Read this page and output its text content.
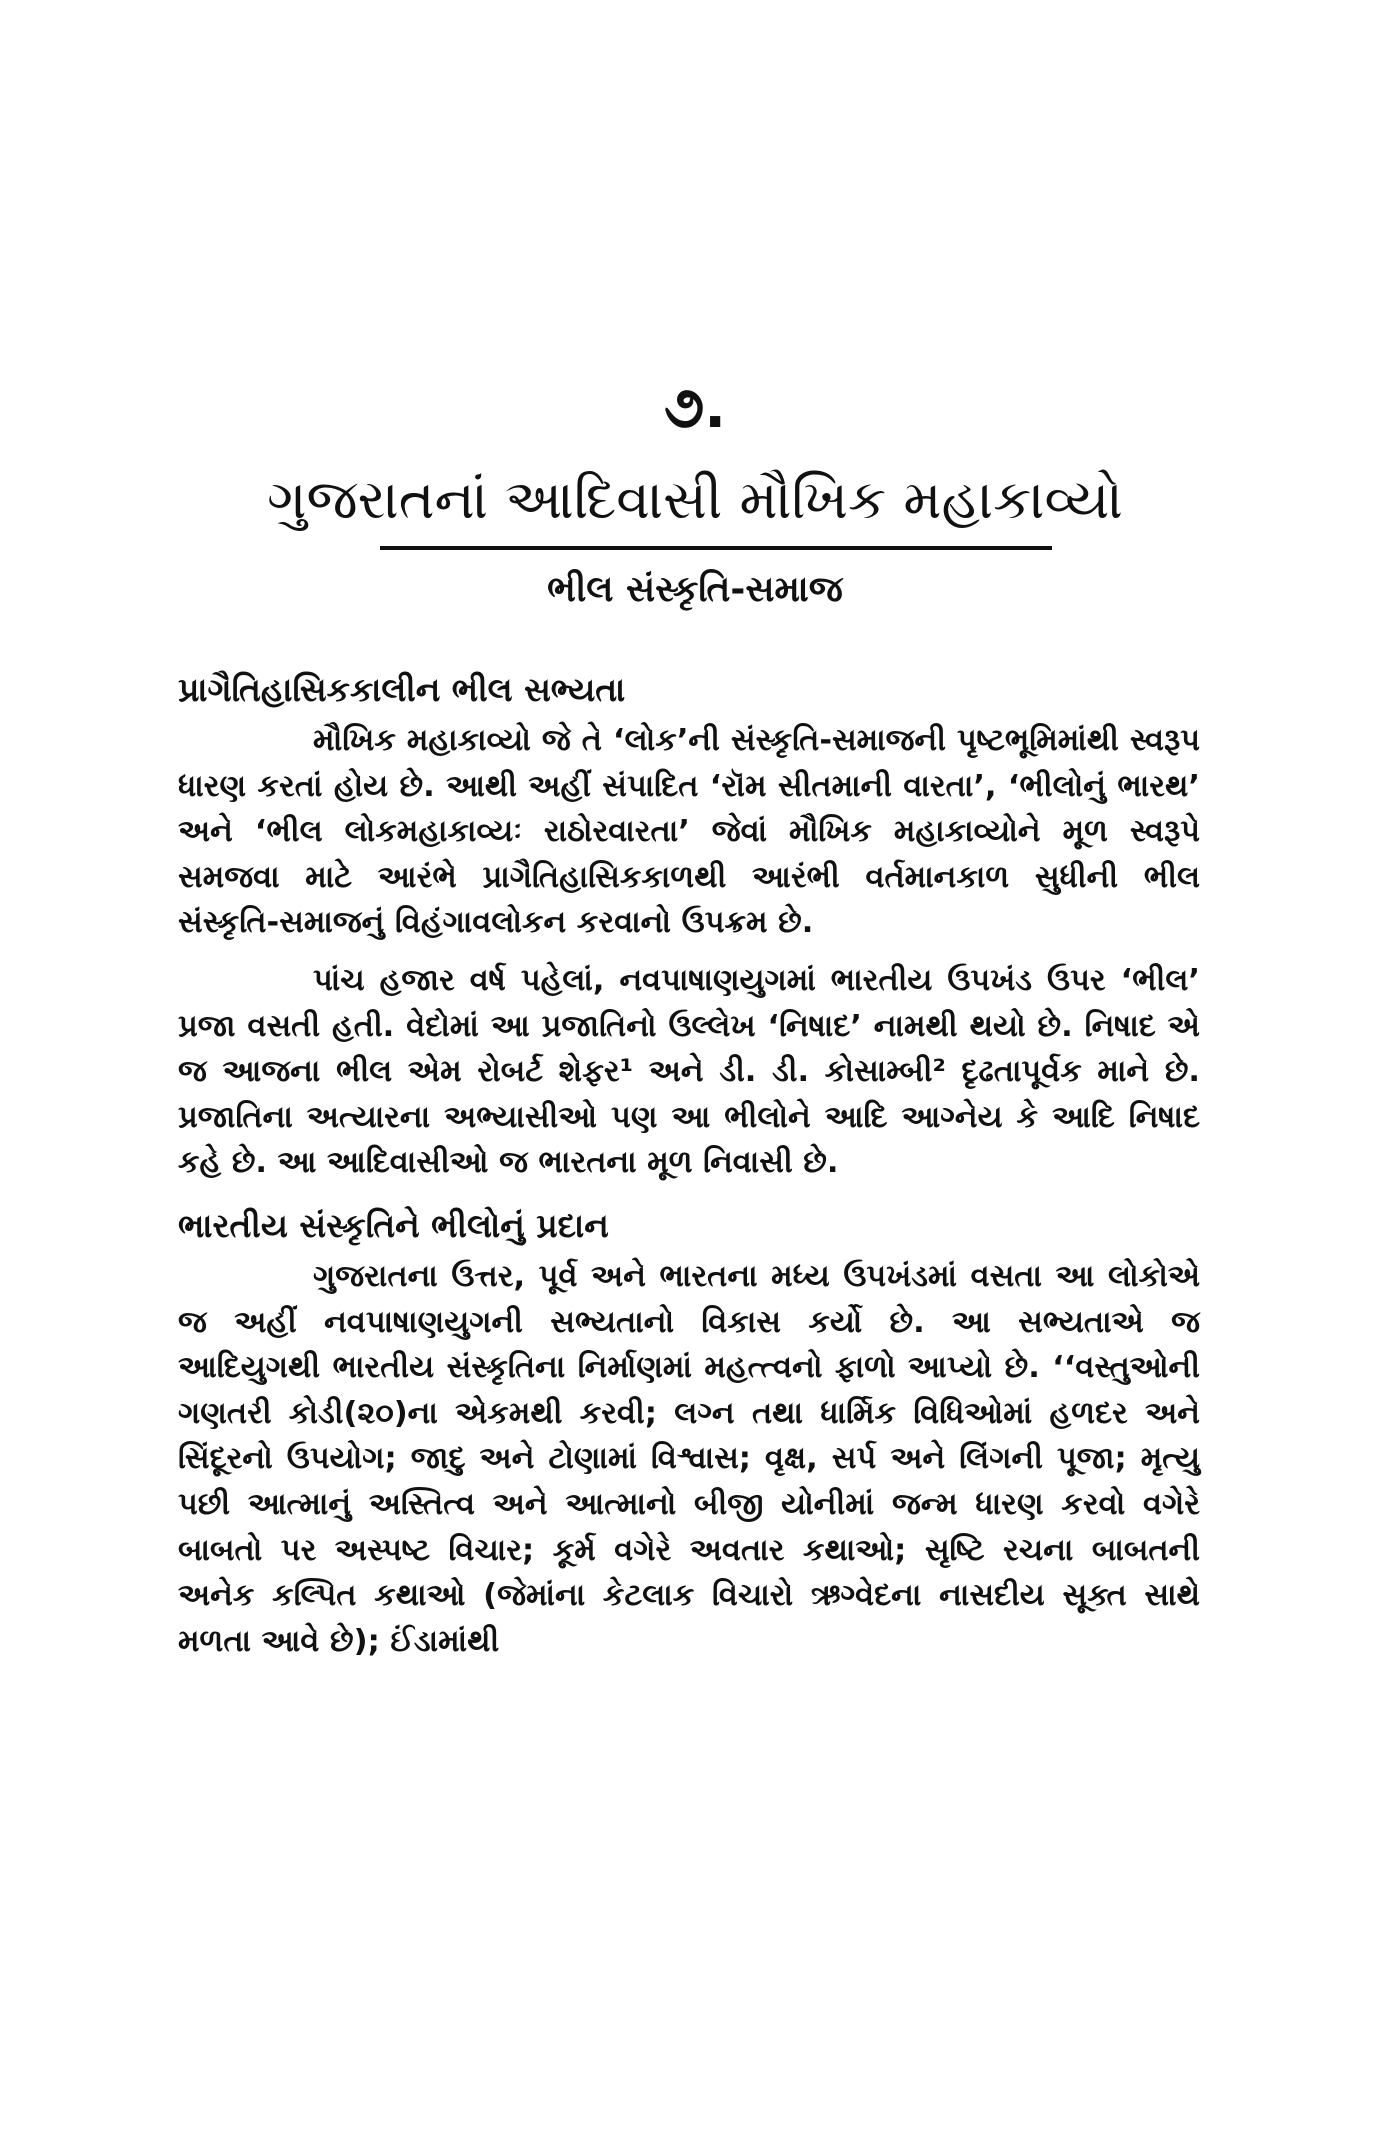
૭.
ગુજરાતનાં આદિવાસી મૌખિક મહાકાવ્યો
ભીલ સંસ્કૃતિ-સમાજ
પ્રાગૈતિહાસિકકાલીન ભીલ સભ્યતા

મૌખિક મહાકાવ્યો જે તે ‘લોક’ની સંસ્કૃતિ-સમાજની પૃષ્ટભૂમિમાંથી સ્વરૂપ ધારણ કરતાં હોય છે. આથી અહીં સંપાદિત ‘રૉમ સીતમાની વારતા’, ‘ભીલોનું ભારથ’ અને ‘ભીલ લોકમહાકાવ્યઃ રાઠોરવારતા’ જેવાં મૌખિક મહાકાવ્યોને મૂળ સ્વરૂપે સમજવા માટે આરંભે પ્રાગૈતિહાસિકકાળથી આરંભી વર્તમાનકાળ સુધીની ભીલ સંસ્કૃતિ-સમાજનું વિહંગાવલોકન કરવાનો ઉપક્રમ છે.

પાંચ હજાર વર્ષ પહેલાં, નવપાષાણયુગમાં ભારતીય ઉપખંડ ઉપર ‘ભીલ’ પ્રજા વસતી હતી. વેદોમાં આ પ્રજાતિનો ઉલ્લેખ ‘નિષાદ’ નામથી થયો છે. નિષાદ એ જ આજના ભીલ એમ રોબર્ટ શેફર¹ અને ડી. ડી. કોસામ્બી² દૃઢતાપૂર્વક માને છે. પ્રજાતિના અત્યારના અભ્યાસીઓ પણ આ ભીલોને આદિ આગ્નેય કે આદિ નિષાદ કહે છે. આ આદિવાસીઓ જ ભારતના મૂળ નિવાસી છે.

ભારતીય સંસ્કૃતિને ભીલોનું પ્રદાન

ગુજરાતના ઉત્તર, પૂર્વ અને ભારતના મધ્ય ઉપખંડમાં વસતા આ લોકોએ જ અહીં નવપાષાણયુગની સભ્યતાનો વિકાસ કર્યો છે. આ સભ્યતાએ જ આદિયુગથી ભારતીય સંસ્કૃતિના નિર્માણમાં મહત્ત્વનો ફાળો આપ્યો છે. ‘‘વસ્તુઓની ગણતરી કોડી(૨૦)ના એકમથી કરવી; લગ્ન તથા ધાર્મિક વિધિઓમાં હળદર અને સિંદૂરનો ઉપયોગ; જાદુ અને ટોણામાં વિશ્વાસ; વૃક્ષ, સર્પ અને લિંગની પૂજા; મૃત્યુ પછી આત્માનું અસ્તિત્વ અને આત્માનો બીજી યોનીમાં જન્મ ધારણ કરવો વગેરે બાબતો પર અસ્પષ્ટ વિચાર; કૂર્મ વગેરે અવતાર કથાઓ; સૃષ્ટિ રચના બાબતની અનેક કલ્પિત કથાઓ (જેમાંના કેટલાક વિચારો ઋગ્વેદના નાસદીય સૂક્ત સાથે મળતા આવે છે); ઈંડામાંથી
